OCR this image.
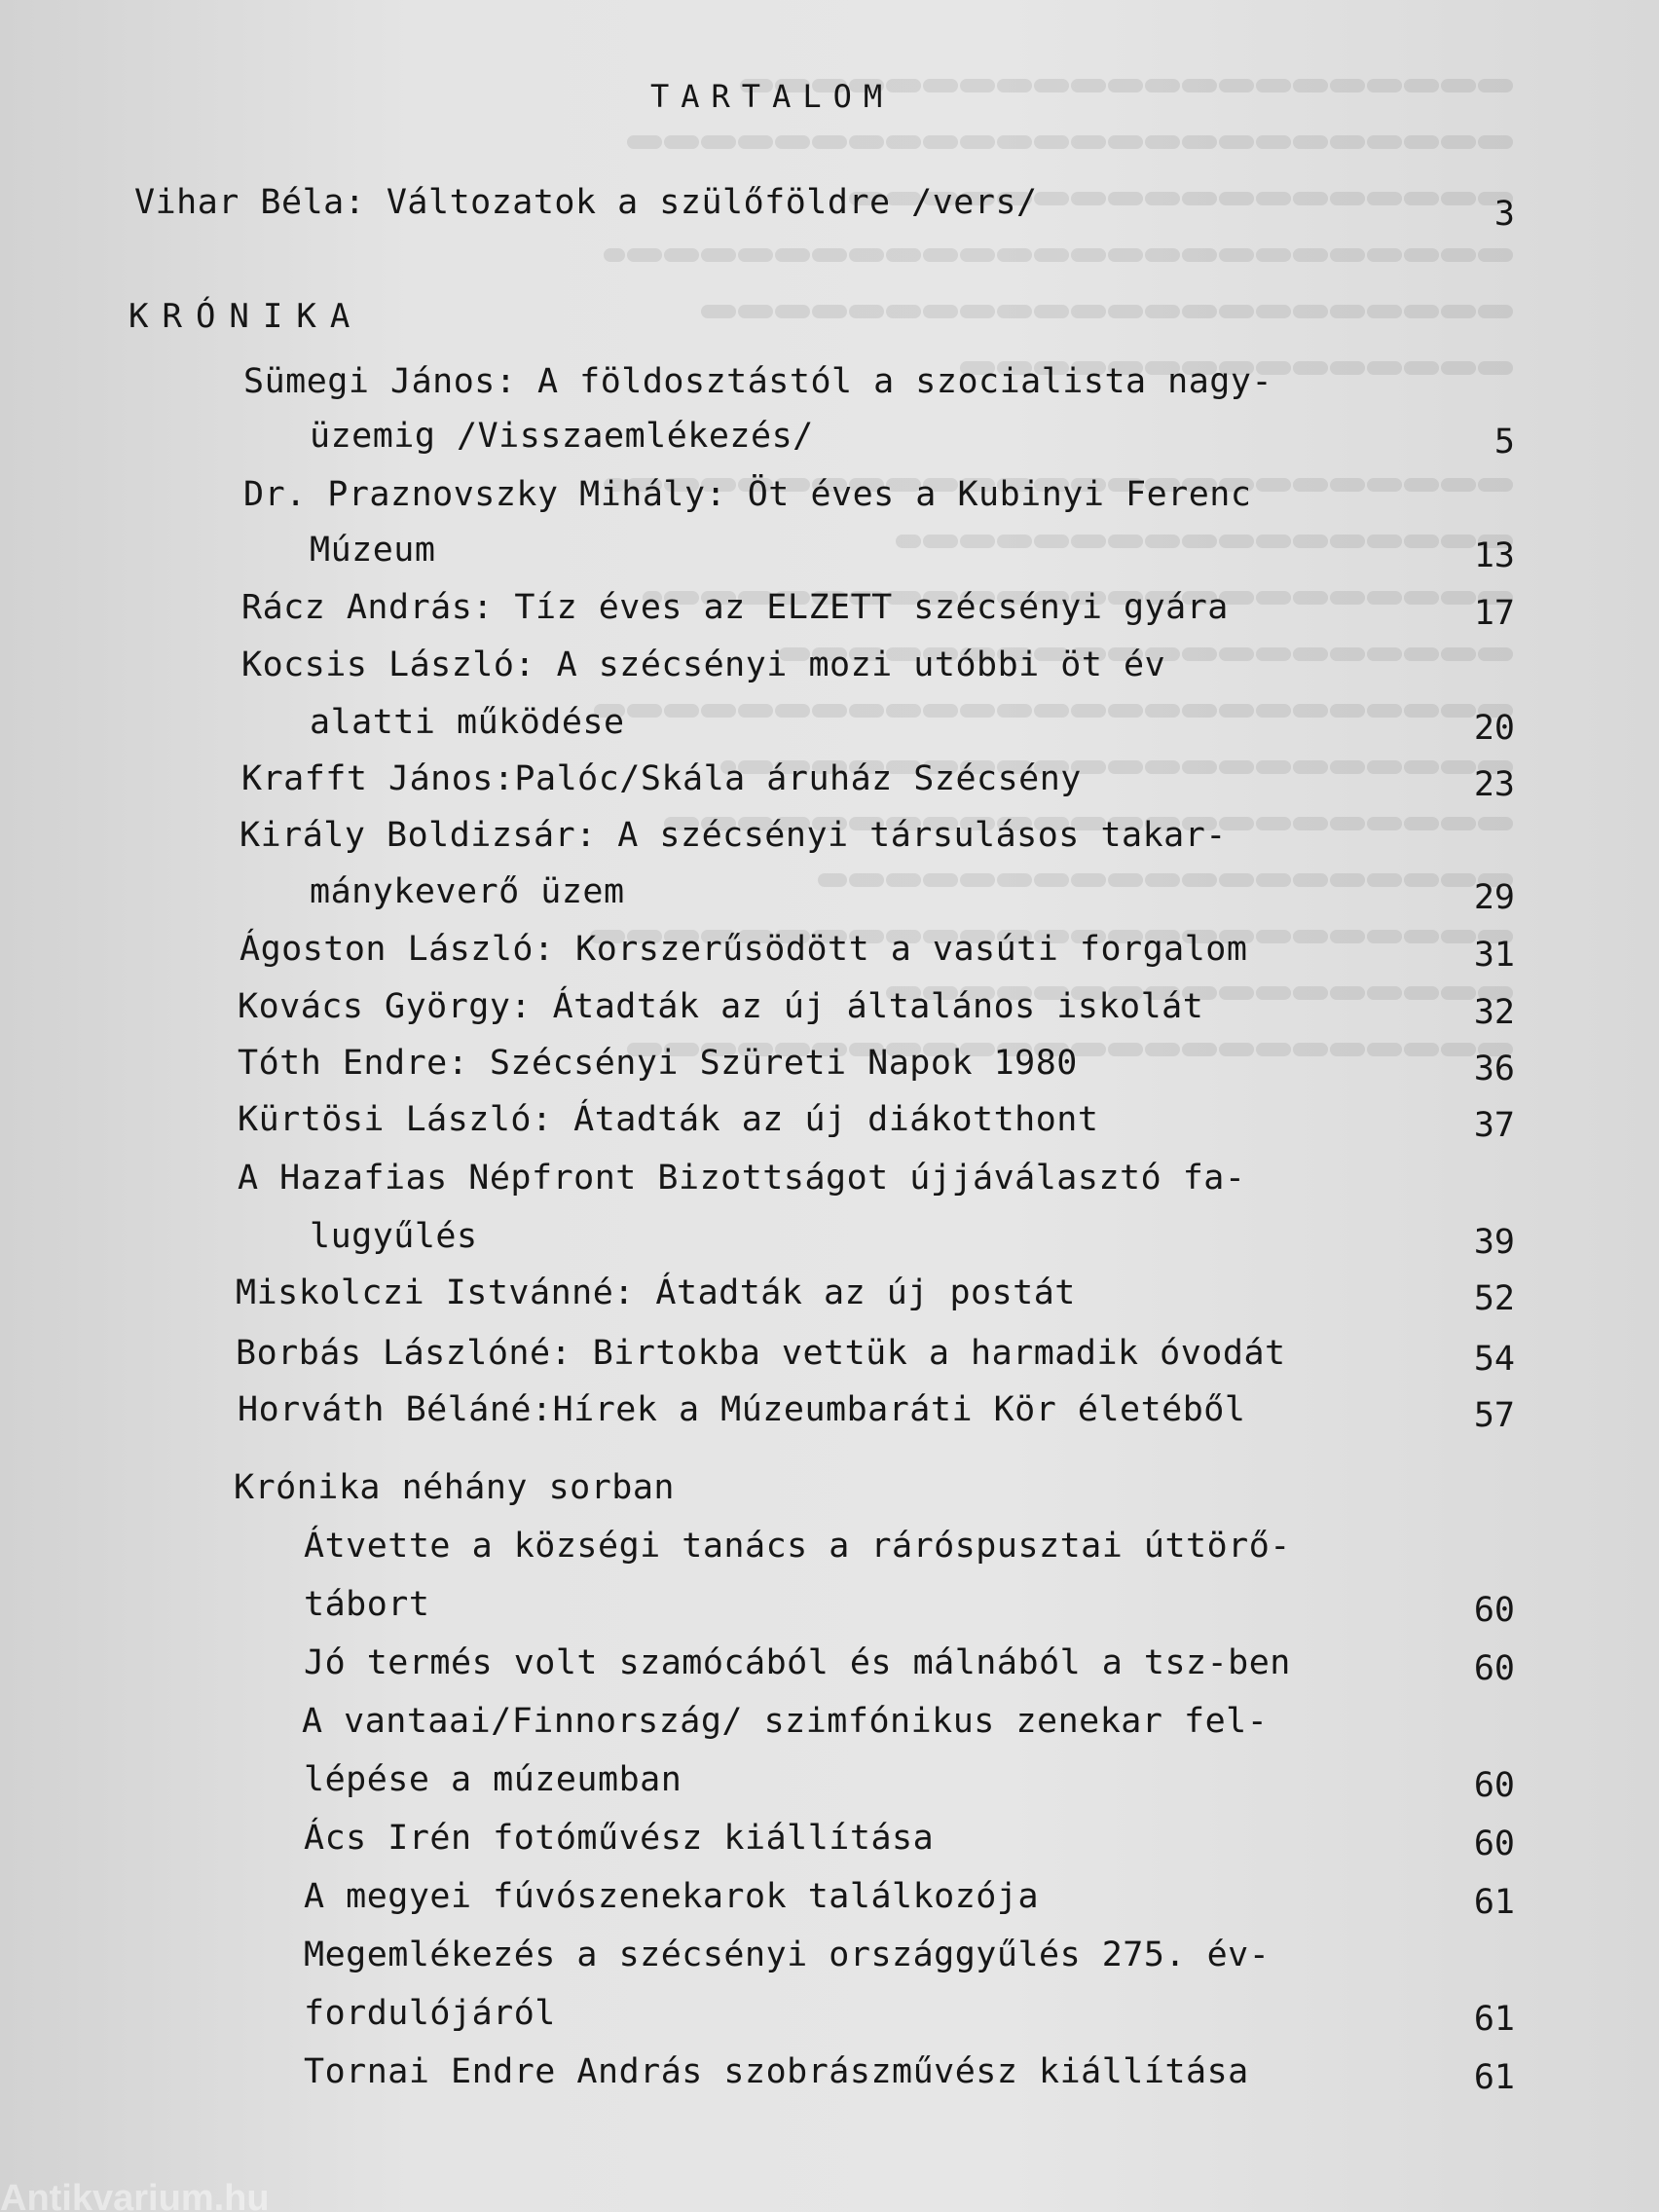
TARTALOM
Vihar Béla: Változatok a szülőföldre /vers/	3
KRÓNIKA
Sümegi János: A földosztástól a szocialista nagy-
üzemig /Visszaemlékezés/	5
Dr. Praznovszky Mihály: Öt éves a Kubinyi Ferenc
Múzeum	13
Rácz András: Tíz éves az ELZETT szécsényi gyára	17
Kocsis László: A szécsényi mozi utóbbi öt év
alatti működése	20
Krafft János:Palóc/Skála áruház Szécsény	23
Király Boldizsár: A szécsényi társulásos takar-
mánykeverő üzem	29
Ágoston László: Korszerűsödött a vasúti forgalom	31
Kovács György: Átadták az új általános iskolát	32
Tóth Endre: Szécsényi Szüreti Napok 1980	36
Kürtösi László: Átadták az új diákotthont	37
A Hazafias Népfront Bizottságot újjáválasztó fa-
lugyűlés	39
Miskolczi Istvánné: Átadták az új postát	52
Borbás Lászlóné: Birtokba vettük a harmadik óvodát	54
Horváth Béláné:Hírek a Múzeumbaráti Kör életéből	57
Krónika néhány sorban
Átvette a községi tanács a ráróspusztai úttörő-
tábort	60
Jó termés volt szamócából és málnából a tsz-ben	60
A vantaai/Finnország/ szimfónikus zenekar fel-
lépése a múzeumban	60
Ács Irén fotóművész kiállítása	60
A megyei fúvószenekarok találkozója	61
Megemlékezés a szécsényi országgyűlés 275. év-
fordulójáról	61
Tornai Endre András szobrászművész kiállítása	61
Antikvarium.hu
